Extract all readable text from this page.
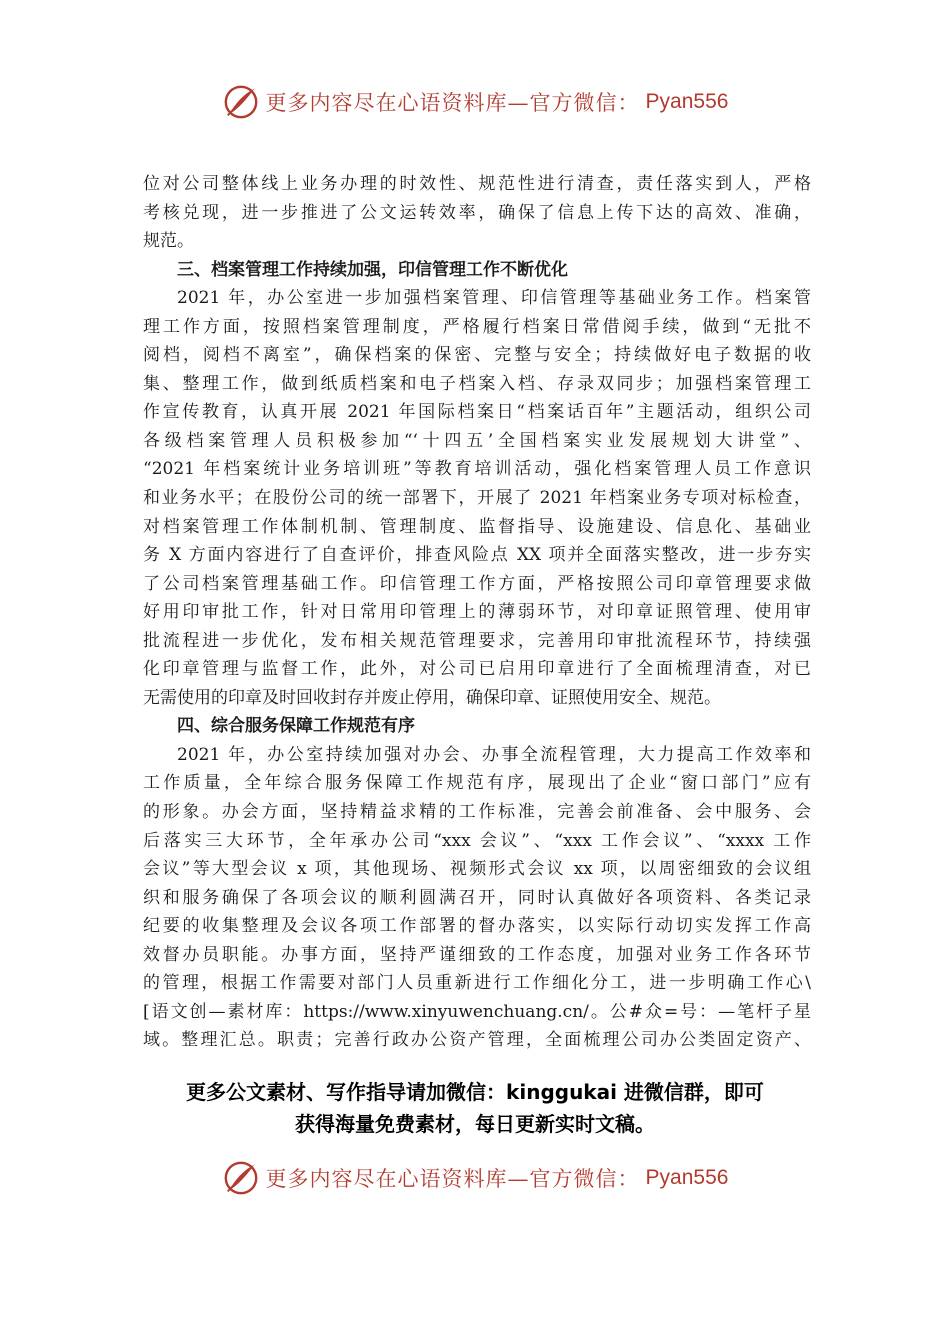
更多内容尽在心语资料库—官方微信： Pyan556
位对公司整体线上业务办理的时效性、规范性进行清查，责任落实到人，严格
考核兑现，进一步推进了公文运转效率，确保了信息上传下达的高效、准确，
规范。
三、档案管理工作持续加强，印信管理工作不断优化
2021 年，办公室进一步加强档案管理、印信管理等基础业务工作。档案管
理工作方面，按照档案管理制度，严格履行档案日常借阅手续，做到“无批不
阅档，阅档不离室”，确保档案的保密、完整与安全；持续做好电子数据的收
集、整理工作，做到纸质档案和电子档案入档、存录双同步；加强档案管理工
作宣传教育，认真开展 2021 年国际档案日“档案话百年”主题活动，组织公司
各级档案管理人员积极参加“‘十四五’全国档案实业发展规划大讲堂”、
“2021 年档案统计业务培训班”等教育培训活动，强化档案管理人员工作意识
和业务水平；在股份公司的统一部署下，开展了 2021 年档案业务专项对标检查，
对档案管理工作体制机制、管理制度、监督指导、设施建设、信息化、基础业
务 X 方面内容进行了自查评价，排查风险点 XX 项并全面落实整改，进一步夯实
了公司档案管理基础工作。印信管理工作方面，严格按照公司印章管理要求做
好用印审批工作，针对日常用印管理上的薄弱环节，对印章证照管理、使用审
批流程进一步优化，发布相关规范管理要求，完善用印审批流程环节，持续强
化印章管理与监督工作，此外，对公司已启用印章进行了全面梳理清查，对已
无需使用的印章及时回收封存并废止停用，确保印章、证照使用安全、规范。
四、综合服务保障工作规范有序
2021 年，办公室持续加强对办会、办事全流程管理，大力提高工作效率和
工作质量，全年综合服务保障工作规范有序，展现出了企业“窗口部门”应有
的形象。办会方面，坚持精益求精的工作标准，完善会前准备、会中服务、会
后落实三大环节，全年承办公司“xxx 会议”、“xxx 工作会议”、“xxxx 工作
会议”等大型会议 x 项，其他现场、视频形式会议 xx 项，以周密细致的会议组
织和服务确保了各项会议的顺利圆满召开，同时认真做好各项资料、各类记录
纪要的收集整理及会议各项工作部署的督办落实，以实际行动切实发挥工作高
效督办员职能。办事方面，坚持严谨细致的工作态度，加强对业务工作各环节
的管理，根据工作需要对部门人员重新进行工作细化分工，进一步明确工作心\
[语文创—素材库：https://www.xinyuwenchuang.cn/。公#众=号：—笔杆子星
域。整理汇总。职责；完善行政办公资产管理，全面梳理公司办公类固定资产、
更多公文素材、写作指导请加微信：kinggukai 进微信群，即可
获得海量免费素材，每日更新实时文稿。
更多内容尽在心语资料库—官方微信： Pyan556
